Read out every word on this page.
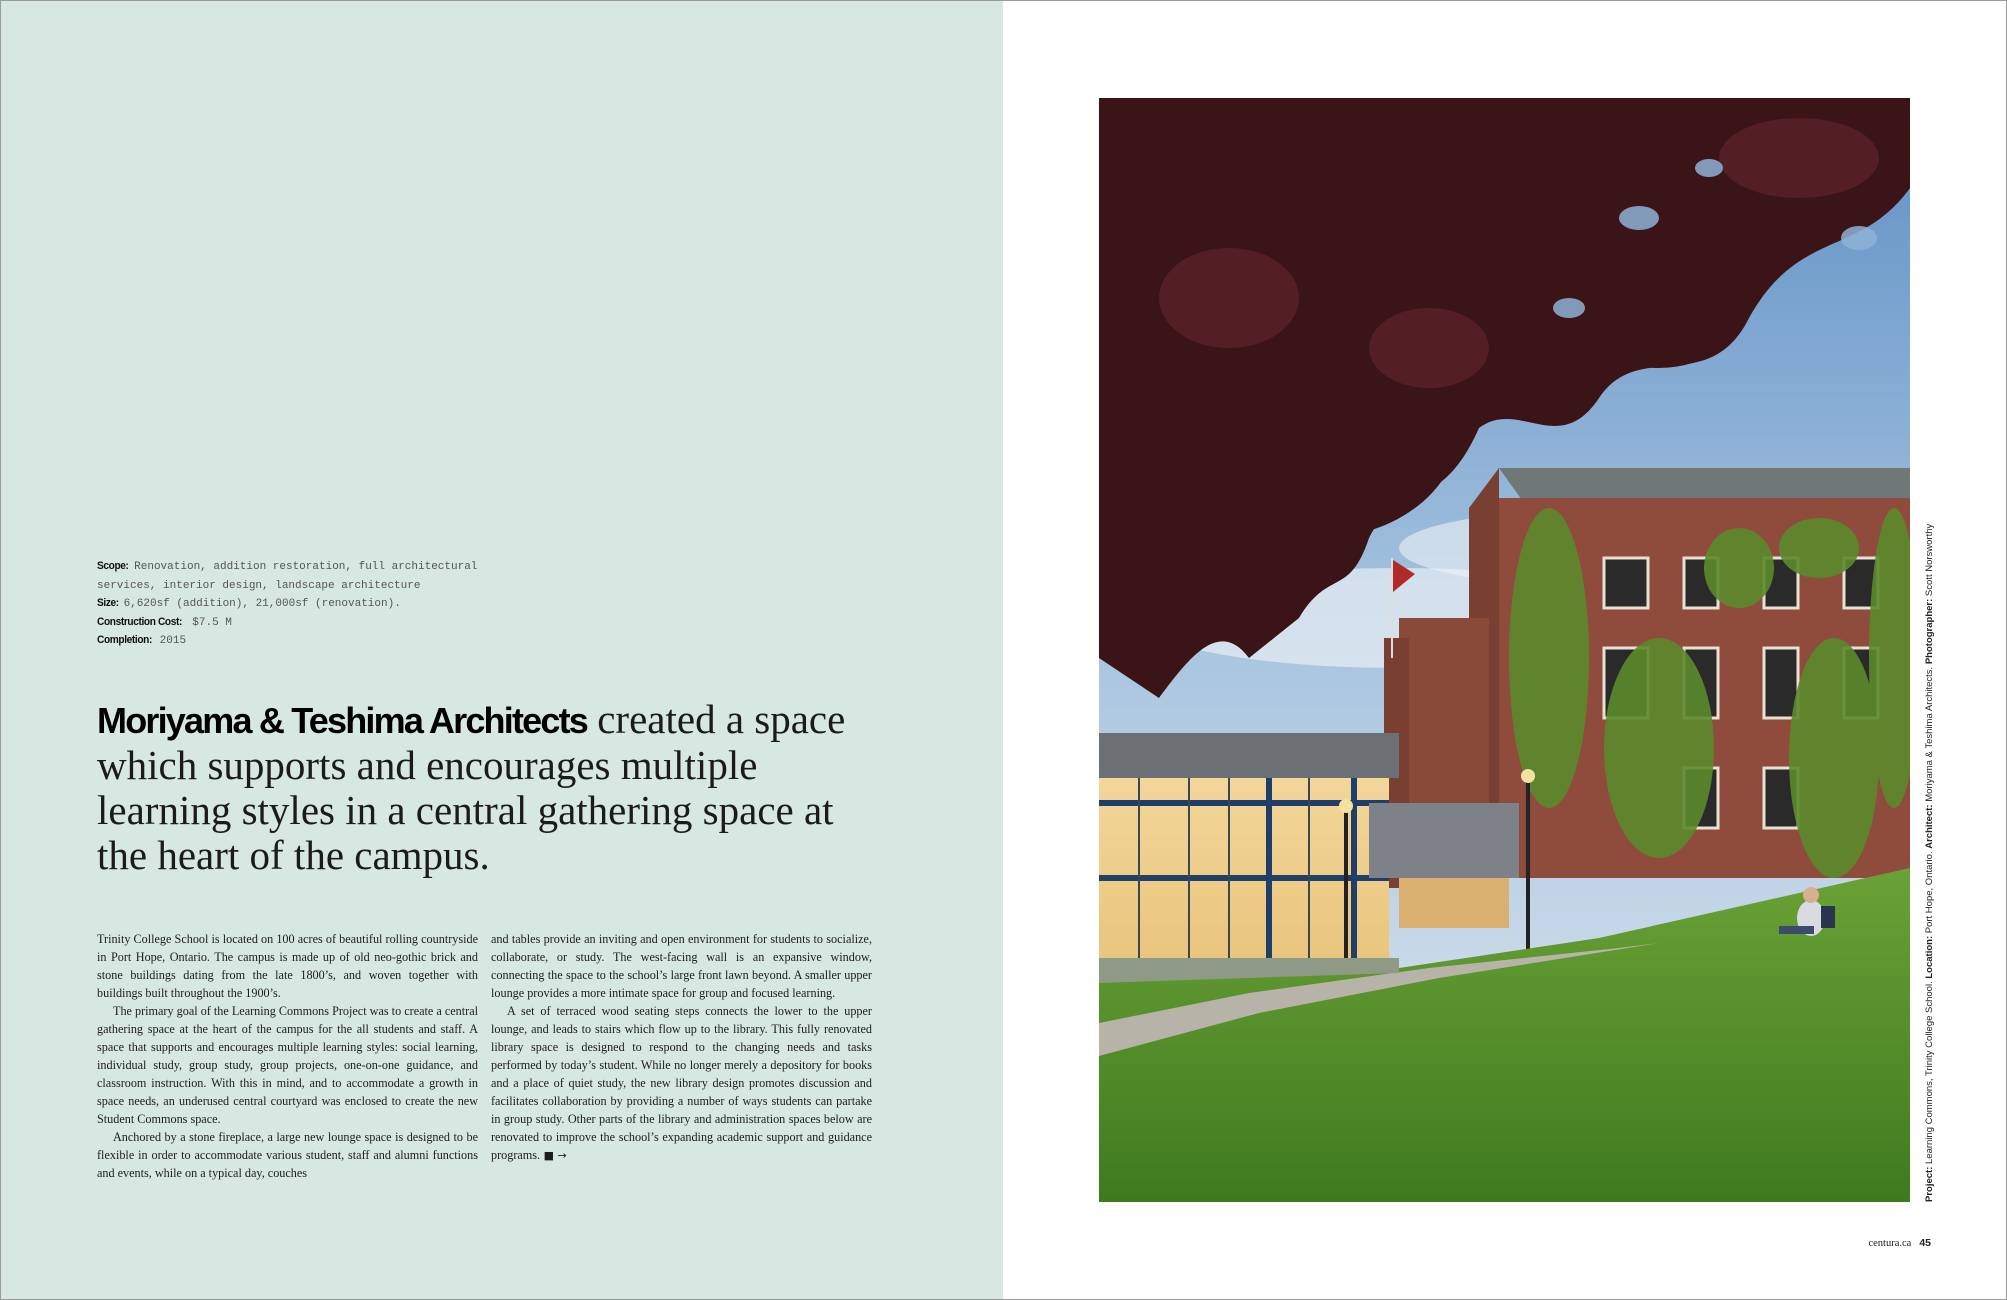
Scope: Renovation, addition restoration, full architectural

services, interior design, landscape architecture

Size: 6,620sf (addition), 21,000sf (renovation).

Construction Cost: $7.5 M

Completion: 2015

Moriyama & Teshima Architects created a space which supports and encourages multiple learning styles in a central gathering space at the heart of the campus.

Trinity College School is located on 100 acres of beautiful rolling countryside in Port Hope, Ontario. The campus is made up of old neo-gothic brick and stone buildings dating from the late 1800’s, and woven together with buildings built throughout the 1900’s.

The primary goal of the Learning Commons Project was to create a central gathering space at the heart of the campus for the all students and staff. A space that supports and encourages multiple learning styles: social learning, individual study, group study, group projects, one-on-one guidance, and classroom instruction. With this in mind, and to accommodate a growth in space needs, an underused central courtyard was enclosed to create the new Student Commons space.

Anchored by a stone fireplace, a large new lounge space is designed to be flexible in order to accommodate various student, staff and alumni functions and events, while on a typical day, couches

and tables provide an inviting and open environment for students to socialize, collaborate, or study. The west-facing wall is an expansive window, connecting the space to the school’s large front lawn beyond. A smaller upper lounge provides a more intimate space for group and focused learning.

A set of terraced wood seating steps connects the lower to the upper lounge, and leads to stairs which flow up to the library. This fully renovated library space is designed to respond to the changing needs and tasks performed by today’s student. While no longer merely a depository for books and a place of quiet study, the new library design promotes discussion and facilitates collaboration by providing a number of ways students can partake in group study. Other parts of the library and administration spaces below are renovated to improve the school’s expanding academic support and guidance programs. ■ →

Project: Learning Commons, Trinity College School. Location: Port Hope, Ontario. Architect: Moriyama & Teshima Architects. Photographer: Scott Norsworthy
centura.ca 45
